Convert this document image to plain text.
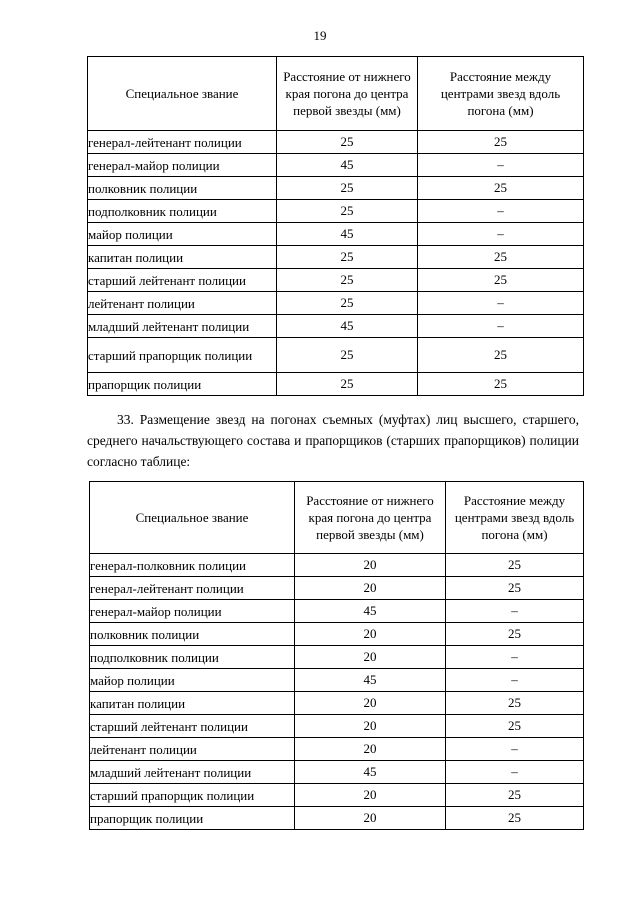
19
Специальное звание	Расстояние от нижнего края погона до центра первой звезды (мм)	Расстояние между центрами звезд вдоль погона (мм)
генерал-лейтенант полиции	25	25
генерал-майор полиции	45	–
полковник полиции	25	25
подполковник полиции	25	–
майор полиции	45	–
капитан полиции	25	25
старший лейтенант полиции	25	25
лейтенант полиции	25	–
младший лейтенант полиции	45	–
старший прапорщик полиции	25	25
прапорщик полиции	25	25
33. Размещение звезд на погонах съемных (муфтах) лиц высшего, старшего, среднего начальствующего состава и прапорщиков (старших прапорщиков) полиции согласно таблице:
Специальное звание	Расстояние от нижнего края погона до центра первой звезды (мм)	Расстояние между центрами звезд вдоль погона (мм)
генерал-полковник полиции	20	25
генерал-лейтенант полиции	20	25
генерал-майор полиции	45	–
полковник полиции	20	25
подполковник полиции	20	–
майор полиции	45	–
капитан полиции	20	25
старший лейтенант полиции	20	25
лейтенант полиции	20	–
младший лейтенант полиции	45	–
старший прапорщик полиции	20	25
прапорщик полиции	20	25
